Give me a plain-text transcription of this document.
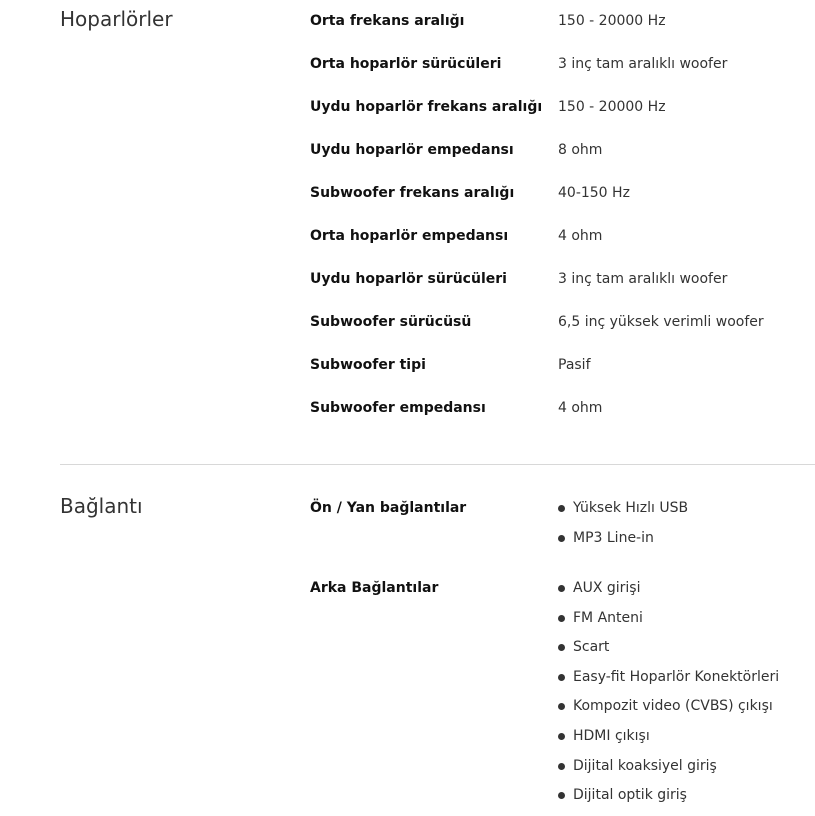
Hoparlörler	Orta frekans aralığı	150 - 20000 Hz
Orta hoparlör sürücüleri	3 inç tam aralıklı woofer
Uydu hoparlör frekans aralığı 150 - 20000 Hz
Uydu hoparlör empedansı	8 ohm
Subwoofer frekans aralığı	40-150 Hz
Orta hoparlör empedansı	4 ohm
Uydu hoparlör sürücüleri	3 inç tam aralıklı woofer
Subwoofer sürücüsü	6,5 inç yüksek verimli woofer
Subwoofer tipi	Pasif
Subwoofer empedansı	4 ohm
Bağlantı	Ön / Yan bağlantılar	Yüksek Hızlı USB
MP3 Line-in
Arka Bağlantılar	AUX girişi
FM Anteni
Scart
Easy-fit Hoparlör Konektörleri
Kompozit video (CVBS) çıkışı
HDMI çıkışı
Dijital koaksiyel giriş
Dijital optik giriş
